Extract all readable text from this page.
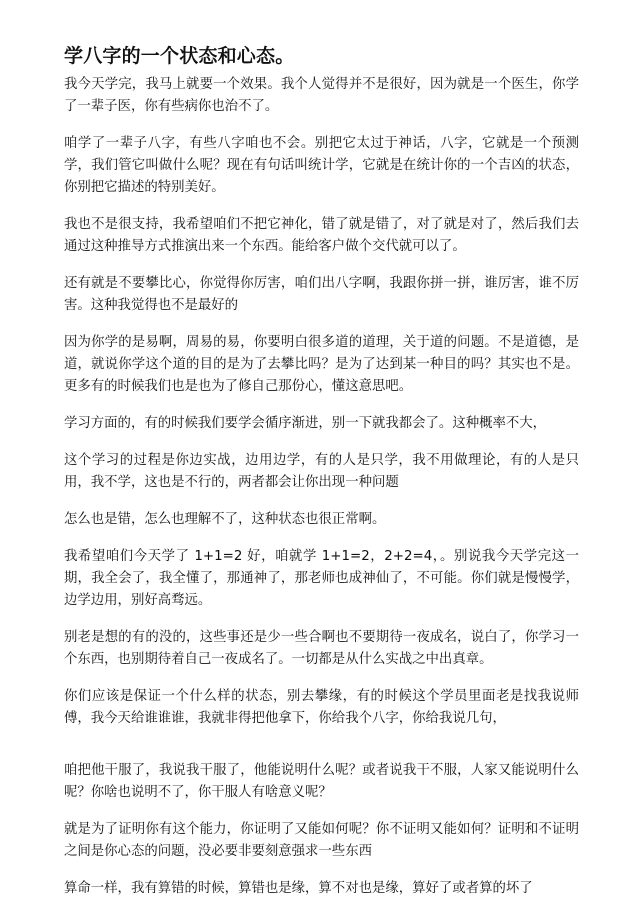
学八字的一个状态和心态。

我今天学完，我马上就要一个效果。我个人觉得并不是很好，因为就是一个医生，你学了一辈子医，你有些病你也治不了。

咱学了一辈子八字，有些八字咱也不会。别把它太过于神话，八字，它就是一个预测学，我们管它叫做什么呢？现在有句话叫统计学，它就是在统计你的一个吉凶的状态，你别把它描述的特别美好。

我也不是很支持，我希望咱们不把它神化，错了就是错了，对了就是对了，然后我们去通过这种推导方式推演出来一个东西。能给客户做个交代就可以了。

还有就是不要攀比心，你觉得你厉害，咱们出八字啊，我跟你拼一拼，谁厉害，谁不厉害。这种我觉得也不是最好的

因为你学的是易啊，周易的易，你要明白很多道的道理，关于道的问题。不是道德，是道，就说你学这个道的目的是为了去攀比吗？是为了达到某一种目的吗？其实也不是。更多有的时候我们也是也为了修自己那份心，懂这意思吧。

学习方面的，有的时候我们要学会循序渐进，别一下就我都会了。这种概率不大，

这个学习的过程是你边实战，边用边学，有的人是只学，我不用做理论，有的人是只用，我不学，这也是不行的，两者都会让你出现一种问题

怎么也是错，怎么也理解不了，这种状态也很正常啊。

我希望咱们今天学了 1+1=2 好，咱就学 1+1=2，2+2=4，。别说我今天学完这一期，我全会了，我全懂了，那通神了，那老师也成神仙了，不可能。你们就是慢慢学，边学边用，别好高骛远。

别老是想的有的没的，这些事还是少一些合啊也不要期待一夜成名，说白了，你学习一个东西，也别期待着自己一夜成名了。一切都是从什么实战之中出真章。

你们应该是保证一个什么样的状态，别去攀缘，有的时候这个学员里面老是找我说师傅，我今天给谁谁谁，我就非得把他拿下，你给我个八字，你给我说几句，

咱把他干服了，我说我干服了，他能说明什么呢？或者说我干不服，人家又能说明什么呢？你啥也说明不了，你干服人有啥意义呢？

就是为了证明你有这个能力，你证明了又能如何呢？你不证明又能如何？证明和不证明之间是你心态的问题，没必要非要刻意强求一些东西

算命一样，我有算错的时候，算错也是缘，算不对也是缘，算好了或者算的坏了
